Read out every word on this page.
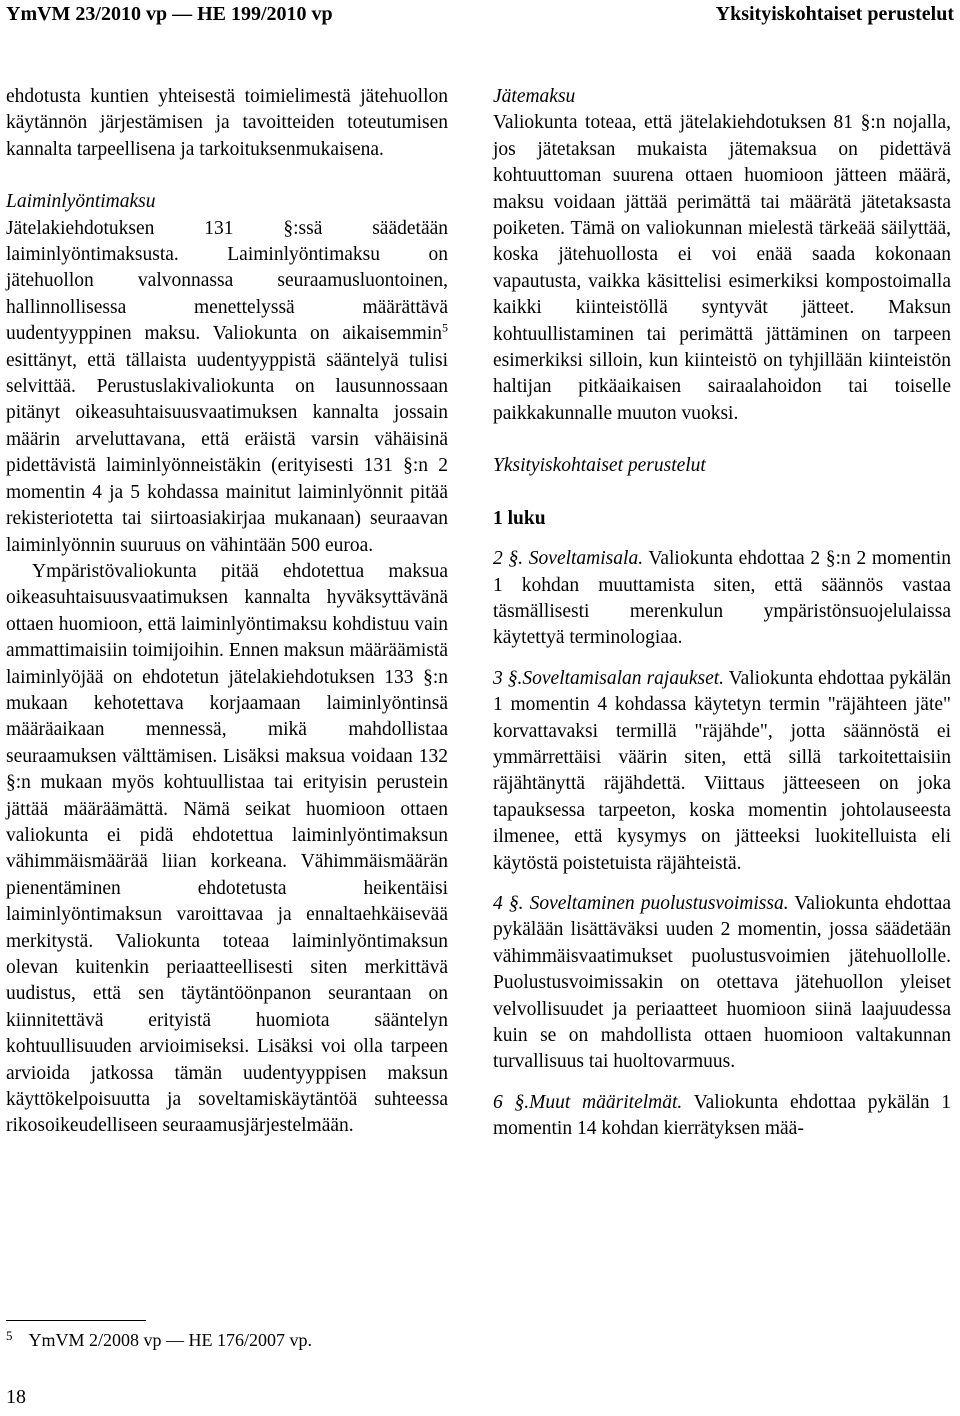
YmVM 23/2010 vp — HE 199/2010 vp	Yksityiskohtaiset perustelut

ehdotusta kuntien yhteisestä toimielimestä jätehuollon käytännön järjestämisen ja tavoitteiden toteutumisen kannalta tarpeellisena ja tarkoituksenmukaisena.

Laiminlyöntimaksu

Jätelakiehdotuksen 131 §:ssä säädetään laiminlyöntimaksusta. Laiminlyöntimaksu on jätehuollon valvonnassa seuraamusluontoinen, hallinnollisessa menettelyssä määrättävä uudentyyppinen maksu. Valiokunta on aikaisemmin$^5$ esittänyt, että tällaista uudentyyppistä sääntelyä tulisi selvittää. Perustuslakivaliokunta on lausunnossaan pitänyt oikeasuhtaisuusvaatimuksen kannalta jossain määrin arveluttavana, että eräistä varsin vähäisinä pidettävistä laiminlyönneistäkin (erityisesti 131 §:n 2 momentin 4 ja 5 kohdassa mainitut laiminlyönnit pitää rekisteriotetta tai siirtoasiakirjaa mukanaan) seuraavan laiminlyönnin suuruus on vähintään 500 euroa.

Ympäristövaliokunta pitää ehdotettua maksua oikeasuhtaisuusvaatimuksen kannalta hyväksyttävänä ottaen huomioon, että laiminlyöntimaksu kohdistuu vain ammattimaisiin toimijoihin. Ennen maksun määräämistä laiminlyöjää on ehdotetun jätelakiehdotuksen 133 §:n mukaan kehotettava korjaamaan laiminlyöntinsä määräaikaan mennessä, mikä mahdollistaa seuraamuksen välttämisen. Lisäksi maksua voidaan 132 §:n mukaan myös kohtuullistaa tai erityisin perustein jättää määräämättä. Nämä seikat huomioon ottaen valiokunta ei pidä ehdotettua laiminlyöntimaksun vähimmäismäärää liian korkeana. Vähimmäismäärän pienentäminen ehdotetusta heikentäisi laiminlyöntimaksun varoittavaa ja ennaltaehkäisevää merkitystä. Valiokunta toteaa laiminlyöntimaksun olevan kuitenkin periaatteellisesti siten merkittävä uudistus, että sen täytäntöönpanon seurantaan on kiinnitettävä erityistä huomiota sääntelyn kohtuullisuuden arvioimiseksi. Lisäksi voi olla tarpeen arvioida jatkossa tämän uudentyyppisen maksun käyttökelpoisuutta ja soveltamiskäytäntöä suhteessa rikosoikeudelliseen seuraamusjärjestelmään.

Jätemaksu

Valiokunta toteaa, että jätelakiehdotuksen 81 §:n nojalla, jos jätetaksan mukaista jätemaksua on pidettävä kohtuuttoman suurena ottaen huomioon jätteen määrä, maksu voidaan jättää perimättä tai määrätä jätetaksasta poiketen. Tämä on valiokunnan mielestä tärkeää säilyttää, koska jätehuollosta ei voi enää saada kokonaan vapautusta, vaikka käsittelisi esimerkiksi kompostoimalla kaikki kiinteistöllä syntyvät jätteet. Maksun kohtuullistaminen tai perimättä jättäminen on tarpeen esimerkiksi silloin, kun kiinteistö on tyhjillään kiinteistön haltijan pitkäaikaisen sairaalahoidon tai toiselle paikkakunnalle muuton vuoksi.

Yksityiskohtaiset perustelut

1 luku

2 §. Soveltamisala. Valiokunta ehdottaa 2 §:n 2 momentin 1 kohdan muuttamista siten, että säännös vastaa täsmällisesti merenkulun ympäristönsuojelulaissa käytettyä terminologiaa.

3 §.Soveltamisalan rajaukset. Valiokunta ehdottaa pykälän 1 momentin 4 kohdassa käytetyn termin "räjähteen jäte" korvattavaksi termillä "räjähde", jotta säännöstä ei ymmärrettäisi väärin siten, että sillä tarkoitettaisiin räjähtänyttä räjähdettä. Viittaus jätteeseen on joka tapauksessa tarpeeton, koska momentin johtolauseesta ilmenee, että kysymys on jätteeksi luokitelluista eli käytöstä poistetuista räjähteistä.

4 §. Soveltaminen puolustusvoimissa. Valiokunta ehdottaa pykälään lisättäväksi uuden 2 momentin, jossa säädetään vähimmäisvaatimukset puolustusvoimien jätehuollolle. Puolustusvoimissakin on otettava jätehuollon yleiset velvollisuudet ja periaatteet huomioon siinä laajuudessa kuin se on mahdollista ottaen huomioon valtakunnan turvallisuus tai huoltovarmuus.

6 §.Muut määritelmät. Valiokunta ehdottaa pykälän 1 momentin 14 kohdan kierrätyksen mää-

$^5$ YmVM 2/2008 vp — HE 176/2007 vp.
18
